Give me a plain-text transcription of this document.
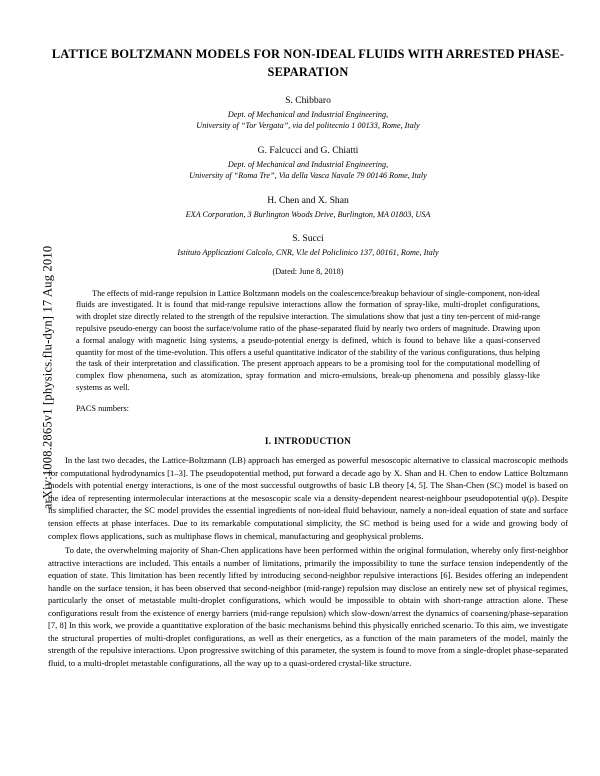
arXiv:1008.2865v1 [physics.flu-dyn] 17 Aug 2010
LATTICE BOLTZMANN MODELS FOR NON-IDEAL FLUIDS WITH ARRESTED PHASE-SEPARATION
S. Chibbaro
Dept. of Mechanical and Industrial Engineering,
University of “Tor Vergata”, via del politecnio 1 00133, Rome, Italy
G. Falcucci and G. Chiatti
Dept. of Mechanical and Industrial Engineering,
University of “Roma Tre”, Via della Vasca Navale 79 00146 Rome, Italy
H. Chen and X. Shan
EXA Corporation, 3 Burlington Woods Drive, Burlington, MA 01803, USA
S. Succi
Istituto Applicazioni Calcolo, CNR, V.le del Policlinico 137, 00161, Rome, Italy
(Dated: June 8, 2018)
The effects of mid-range repulsion in Lattice Boltzmann models on the coalescence/breakup behaviour of single-component, non-ideal fluids are investigated. It is found that mid-range repulsive interactions allow the formation of spray-like, multi-droplet configurations, with droplet size directly related to the strength of the repulsive interaction. The simulations show that just a tiny ten-percent of mid-range repulsive pseudo-energy can boost the surface/volume ratio of the phase-separated fluid by nearly two orders of magnitude. Drawing upon a formal analogy with magnetic Ising systems, a pseudo-potential energy is defined, which is found to behave like a quasi-conserved quantity for most of the time-evolution. This offers a useful quantitative indicator of the stability of the various configurations, thus helping the task of their interpretation and classification. The present approach appears to be a promising tool for the computational modelling of complex flow phenomena, such as atomization, spray formation and micro-emulsions, break-up phenomena and possibly glassy-like systems as well.
PACS numbers:
I. INTRODUCTION
In the last two decades, the Lattice-Boltzmann (LB) approach has emerged as powerful mesoscopic alternative to classical macroscopic methods for computational hydrodynamics [1–3]. The pseudopotential method, put forward a decade ago by X. Shan and H. Chen to endow Lattice Boltzmann models with potential energy interactions, is one of the most successful outgrowths of basic LB theory [4, 5]. The Shan-Chen (SC) model is based on the idea of representing intermolecular interactions at the mesoscopic scale via a density-dependent nearest-neighbour pseudopotential ψ(ρ). Despite its simplified character, the SC model provides the essential ingredients of non-ideal fluid behaviour, namely a non-ideal equation of state and surface tension effects at phase interfaces. Due to its remarkable computational simplicity, the SC method is being used for a wide and growing body of complex flows applications, such as multiphase flows in chemical, manufacturing and geophysical problems.
To date, the overwhelming majority of Shan-Chen applications have been performed within the original formulation, whereby only first-neighbor attractive interactions are included. This entails a number of limitations, primarily the impossibility to tune the surface tension independently of the equation of state. This limitation has been recently lifted by introducing second-neighbor repulsive interactions [6]. Besides offering an independent handle on the surface tension, it has been observed that second-neighbor (mid-range) repulsion may disclose an entirely new set of physical regimes, particularly the onset of metastable multi-droplet configurations, which would be impossible to obtain with short-range attraction alone. These configurations result from the existence of energy barriers (mid-range repulsion) which slow-down/arrest the dynamics of coarsening/phase-separation [7, 8] In this work, we provide a quantitative exploration of the basic mechanisms behind this physically enriched scenario. To this aim, we investigate the structural properties of multi-droplet configurations, as well as their energetics, as a function of the main parameters of the model, mainly the strength of the repulsive interactions. Upon progressive switching of this parameter, the system is found to move from a single-droplet phase-separated fluid, to a multi-droplet metastable configurations, all the way up to a quasi-ordered crystal-like structure.
